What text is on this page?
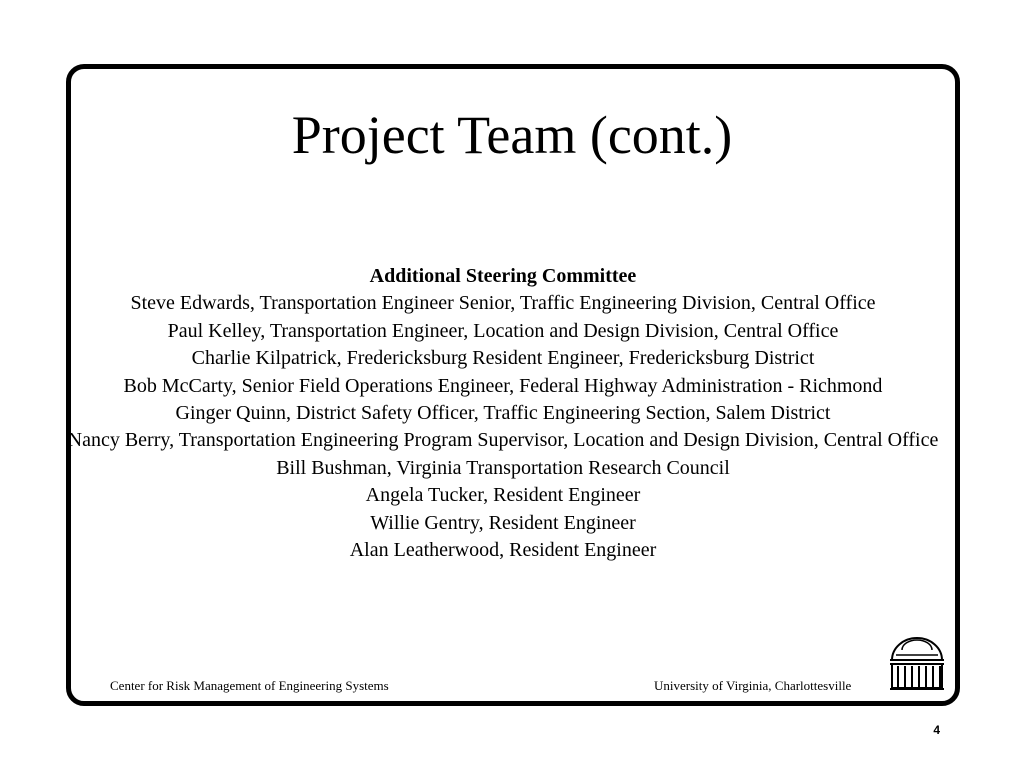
Project Team (cont.)
Additional Steering Committee
Steve Edwards, Transportation Engineer Senior, Traffic Engineering Division, Central Office
Paul Kelley, Transportation Engineer, Location and Design Division, Central Office
Charlie Kilpatrick, Fredericksburg Resident Engineer, Fredericksburg District
Bob McCarty, Senior Field Operations Engineer, Federal Highway Administration - Richmond
Ginger Quinn, District Safety Officer, Traffic Engineering Section, Salem District
Nancy Berry, Transportation Engineering Program Supervisor, Location and Design Division, Central Office
Bill Bushman, Virginia Transportation Research Council
Angela Tucker, Resident Engineer
Willie Gentry, Resident Engineer
Alan Leatherwood, Resident Engineer
Center for Risk Management of Engineering Systems	University of Virginia, Charlottesville
4
